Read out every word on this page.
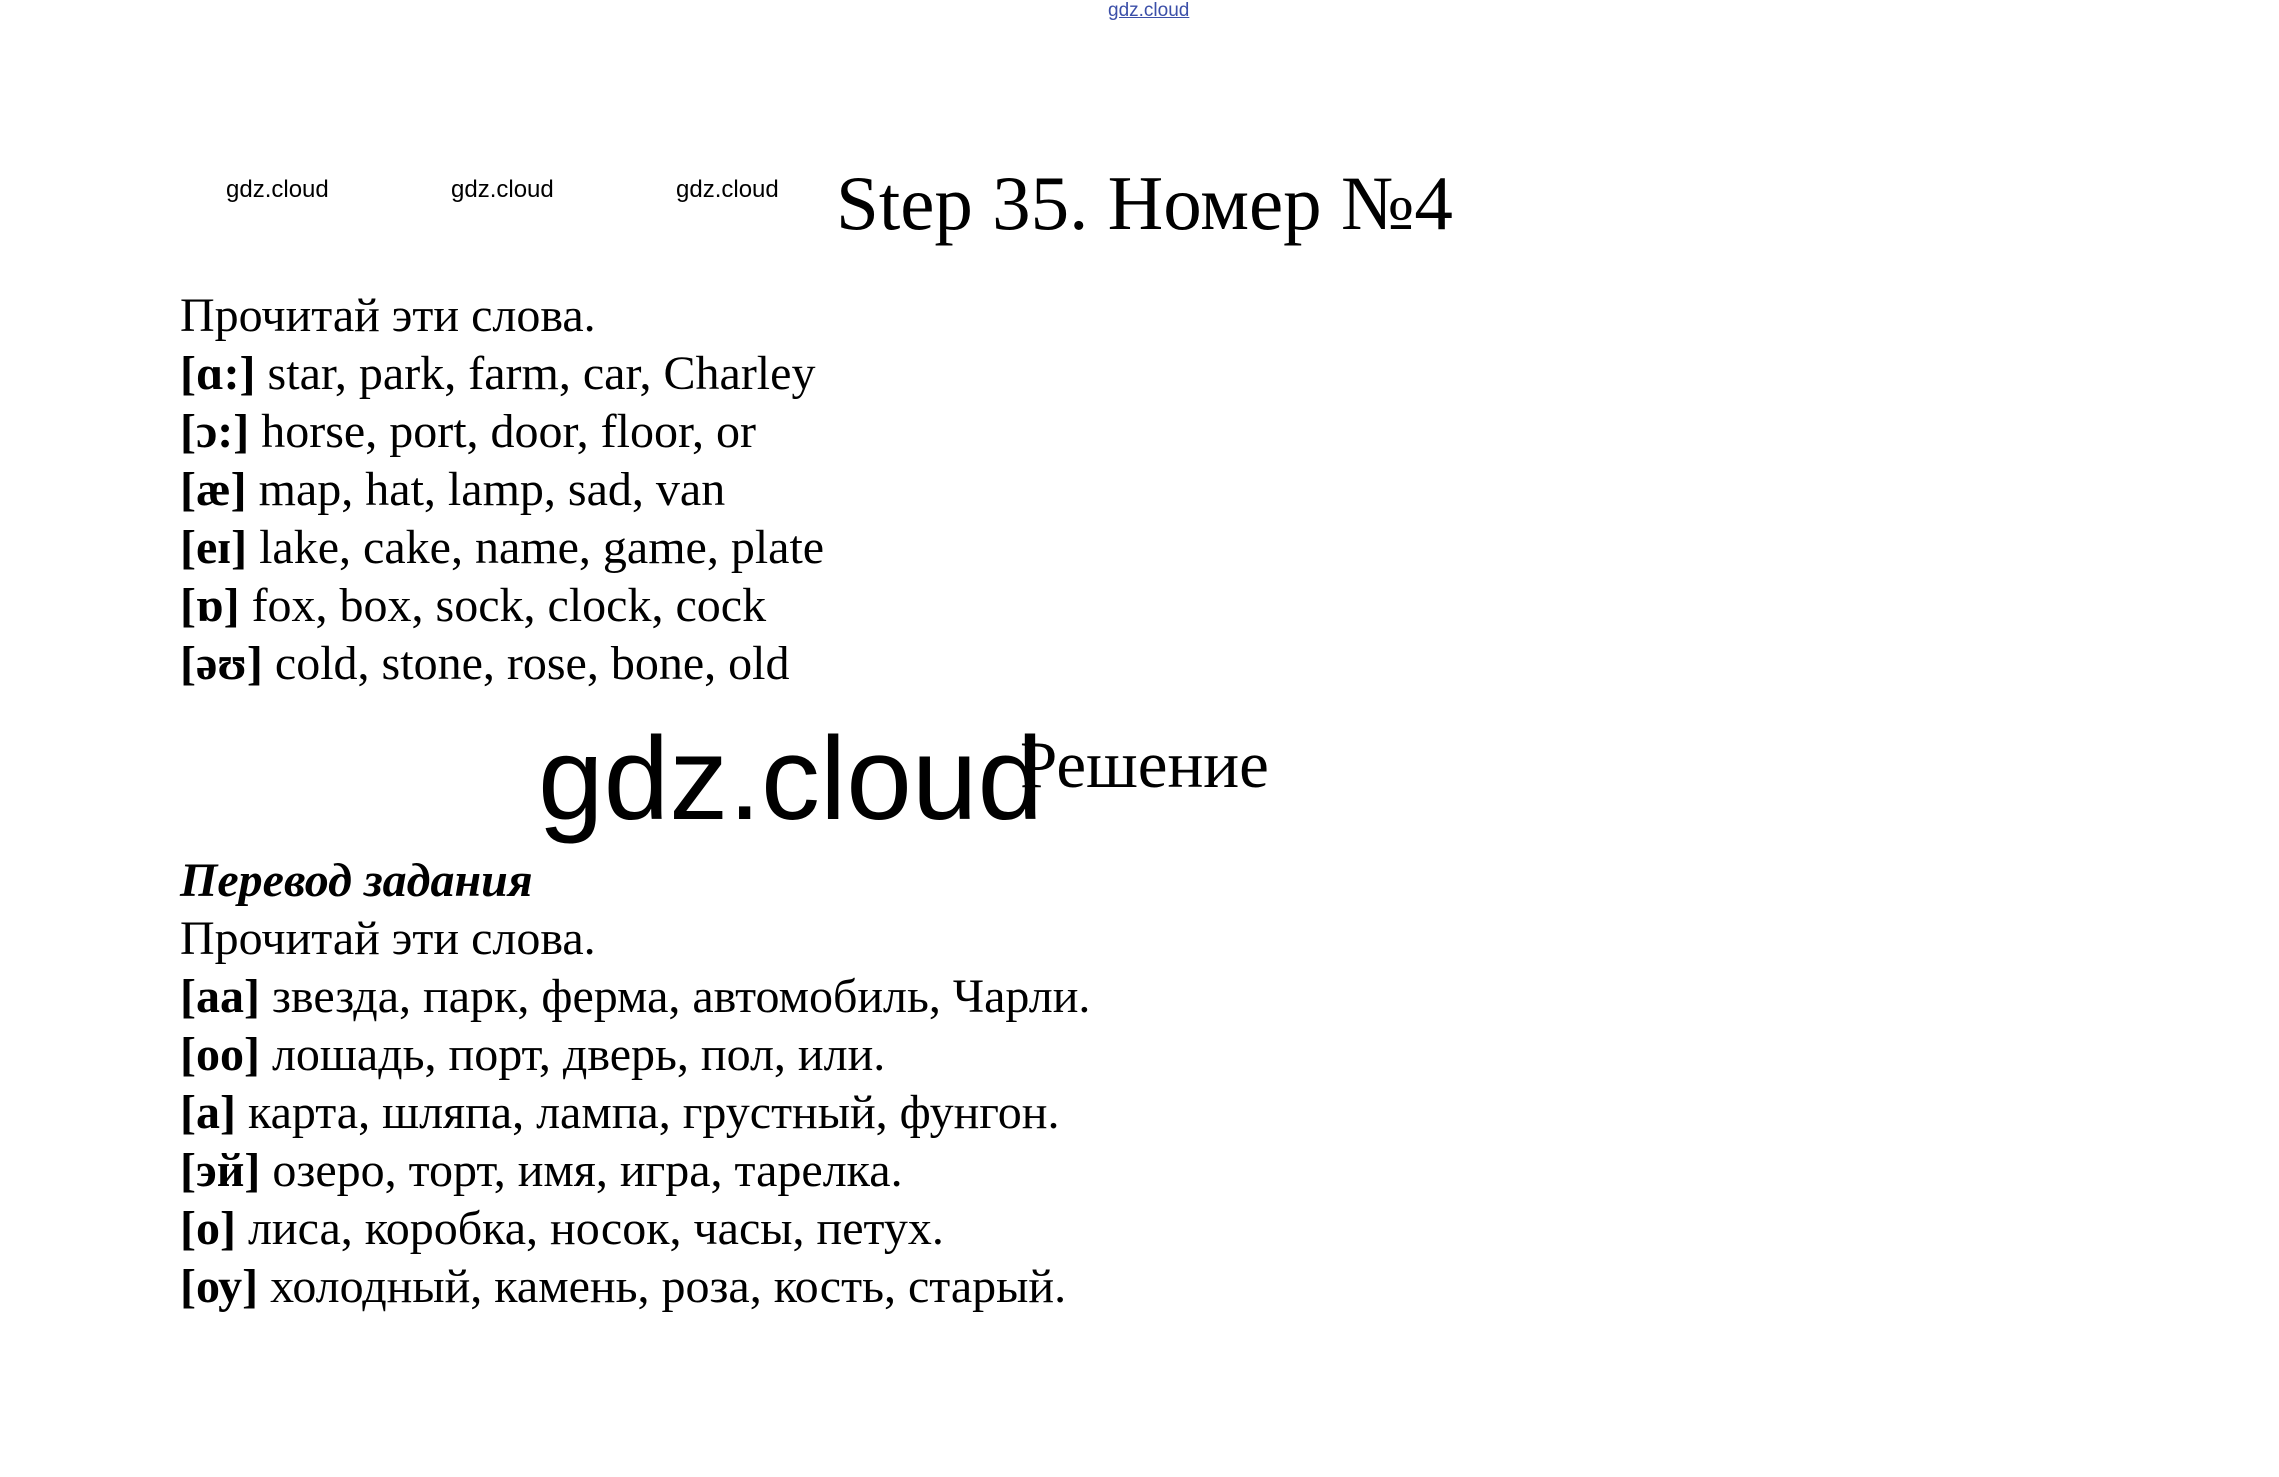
gdz.cloud
gdz.cloud	gdz.cloud	gdz.cloud Step 35. Номер №4
Прочитай эти слова.
[ɑ:] star, park, farm, car, Charley
[ɔ:] horse, port, door, floor, or
[æ] map, hat, lamp, sad, van
[eɪ] lake, cake, name, game, plate
[ɒ] fox, box, sock, clock, cock
[əʊ] cold, stone, rose, bone, old
gdz.cloud
Решение
Перевод задания
Прочитай эти слова.
[аа] звезда, парк, ферма, автомобиль, Чарли.
[оо] лошадь, порт, дверь, пол, или.
[а] карта, шляпа, лампа, грустный, фунгон.
[эй] озеро, торт, имя, игра, тарелка.
[о] лиса, коробка, носок, часы, петух.
[оу] холодный, камень, роза, кость, старый.
